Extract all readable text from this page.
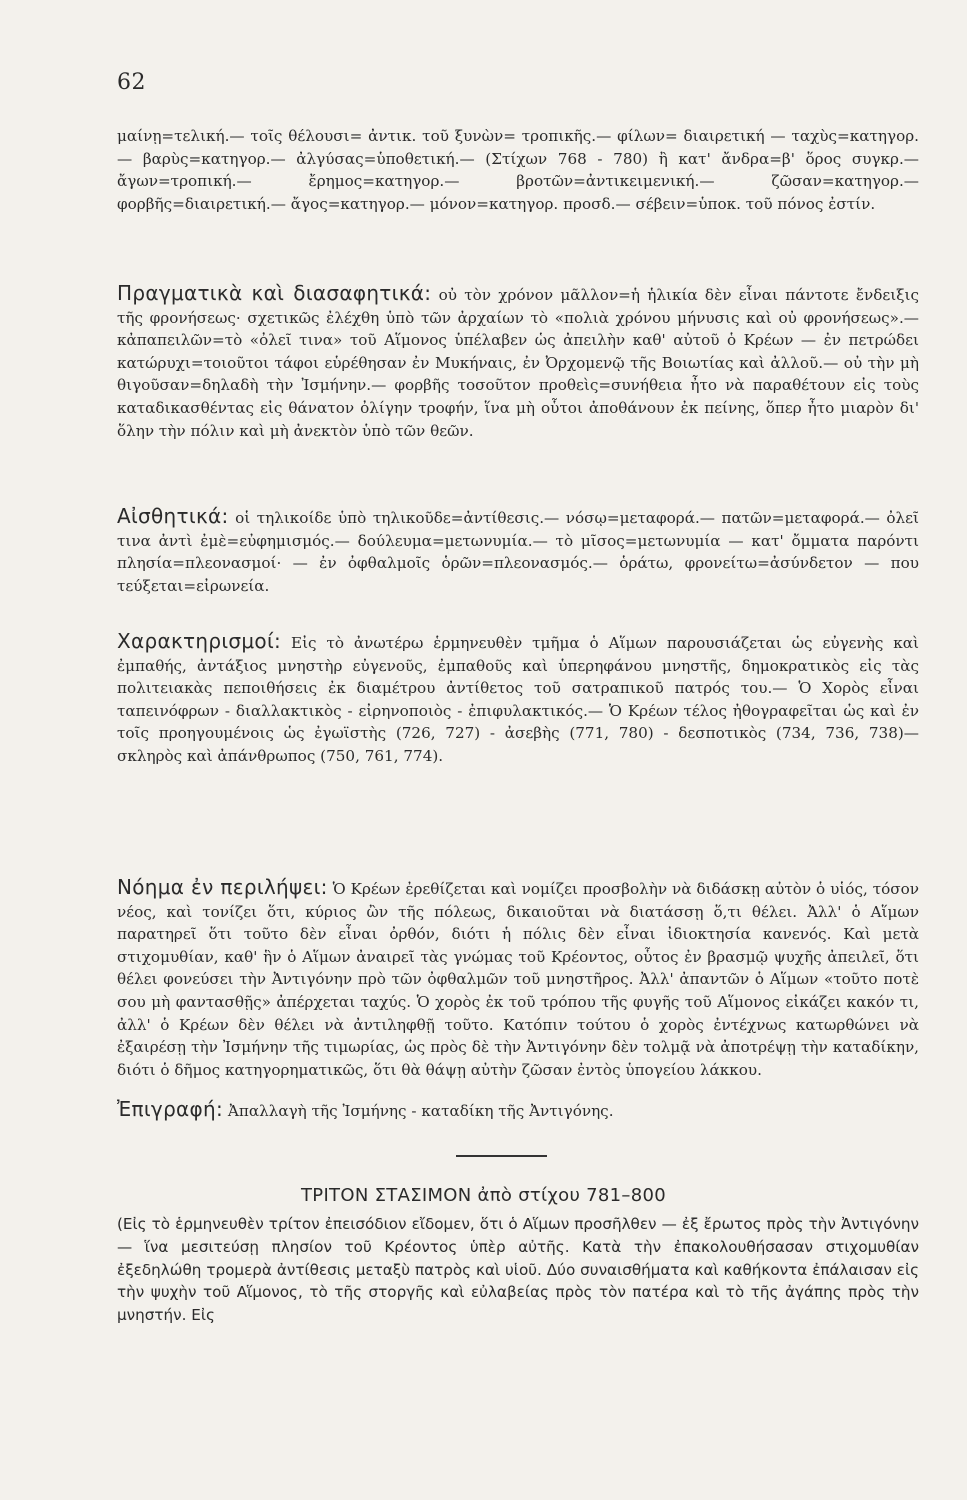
62

μαίνῃ=τελική.— τοῖς θέλουσι= ἀντικ. τοῦ ξυνὼν= τροπικῆς.— φίλων= διαιρετική — ταχὺς=κατηγορ.— βαρὺς=κατηγορ.— ἀλγύσας=ὑποθετική.— (Στίχων 768 - 780) ἢ κατ' ἄνδρα=β' ὅρος συγκρ.— ἄγων=τροπική.— ἔρημος=κατηγορ.— βροτῶν=ἀντικειμενική.— ζῶσαν=κατηγορ.— φορβῆς=διαιρετική.— ἄγος=κατηγορ.— μόνον=κατηγορ. προσδ.— σέβειν=ὑποκ. τοῦ πόνος ἐστίν.

Πραγματικὰ καὶ διασαφητικά: οὐ τὸν χρόνον μᾶλλον=ἡ ἡλικία δὲν εἶναι πάντοτε ἔνδειξις τῆς φρονήσεως· σχετικῶς ἐλέχθη ὑπὸ τῶν ἀρχαίων τὸ «πολιὰ χρόνου μήνυσις καὶ οὐ φρονήσεως».— κἀπαπειλῶν=τὸ «ὀλεῖ τινα» τοῦ Αἵμονος ὑπέλαβεν ὡς ἀπειλὴν καθ' αὐτοῦ ὁ Κρέων — ἐν πετρώδει κατώρυχι=τοιοῦτοι τάφοι εὑρέθησαν ἐν Μυκήναις, ἐν Ὀρχομενῷ τῆς Βοιωτίας καὶ ἀλλοῦ.— οὐ τὴν μὴ θιγοῦσαν=δηλαδὴ τὴν Ἰσμήνην.— φορβῆς τοσοῦτον προθεὶς=συνήθεια ἦτο νὰ παραθέτουν εἰς τοὺς καταδικασθέντας εἰς θάνατον ὀλίγην τροφήν, ἵνα μὴ οὗτοι ἀποθάνουν ἐκ πείνης, ὅπερ ἦτο μιαρὸν δι' ὅλην τὴν πόλιν καὶ μὴ ἀνεκτὸν ὑπὸ τῶν θεῶν.

Αἰσθητικά: οἱ τηλικοίδε ὑπὸ τηλικοῦδε=ἀντίθεσις.— νόσῳ=μεταφορά.— πατῶν=μεταφορά.— ὀλεῖ τινα ἀντὶ ἐμὲ=εὐφημισμός.— δούλευμα=μετωνυμία.— τὸ μῖσος=μετωνυμία — κατ' ὄμματα παρόντι πλησία=πλεονασμοί· — ἐν ὀφθαλμοῖς ὁρῶν=πλεονασμός.— ὁράτω, φρονείτω=ἀσύνδετον — που τεύξεται=εἰρωνεία.

Χαρακτηρισμοί: Εἰς τὸ ἀνωτέρω ἑρμηνευθὲν τμῆμα ὁ Αἵμων παρουσιάζεται ὡς εὐγενὴς καὶ ἐμπαθής, ἀντάξιος μνηστὴρ εὐγενοῦς, ἐμπαθοῦς καὶ ὑπερηφάνου μνηστῆς, δημοκρατικὸς εἰς τὰς πολιτειακὰς πεποιθήσεις ἐκ διαμέτρου ἀντίθετος τοῦ σατραπικοῦ πατρός του.— Ὁ Χορὸς εἶναι ταπεινόφρων - διαλλακτικὸς - εἰρηνοποιὸς - ἐπιφυλακτικός.— Ὁ Κρέων τέλος ἠθογραφεῖται ὡς καὶ ἐν τοῖς προηγουμένοις ὡς ἐγωϊστὴς (726, 727) - ἀσεβὴς (771, 780) - δεσποτικὸς (734, 736, 738)— σκληρὸς καὶ ἀπάνθρωπος (750, 761, 774).

Νόημα ἐν περιλήψει: Ὁ Κρέων ἐρεθίζεται καὶ νομίζει προσβολὴν νὰ διδάσκῃ αὐτὸν ὁ υἱός, τόσον νέος, καὶ τονίζει ὅτι, κύριος ὢν τῆς πόλεως, δικαιοῦται νὰ διατάσσῃ ὅ,τι θέλει. Ἀλλ' ὁ Αἵμων παρατηρεῖ ὅτι τοῦτο δὲν εἶναι ὀρθόν, διότι ἡ πόλις δὲν εἶναι ἰδιοκτησία κανενός. Καὶ μετὰ στιχομυθίαν, καθ' ἣν ὁ Αἵμων ἀναιρεῖ τὰς γνώμας τοῦ Κρέοντος, οὗτος ἐν βρασμῷ ψυχῆς ἀπειλεῖ, ὅτι θέλει φονεύσει τὴν Ἀντιγόνην πρὸ τῶν ὀφθαλμῶν τοῦ μνηστῆρος. Ἀλλ' ἀπαντῶν ὁ Αἵμων «τοῦτο ποτὲ σου μὴ φαντασθῇς» ἀπέρχεται ταχύς. Ὁ χορὸς ἐκ τοῦ τρόπου τῆς φυγῆς τοῦ Αἵμονος εἰκάζει κακόν τι, ἀλλ' ὁ Κρέων δὲν θέλει νὰ ἀντιληφθῇ τοῦτο. Κατόπιν τούτου ὁ χορὸς ἐντέχνως κατωρθώνει νὰ ἐξαιρέσῃ τὴν Ἰσμήνην τῆς τιμωρίας, ὡς πρὸς δὲ τὴν Ἀντιγόνην δὲν τολμᾷ νὰ ἀποτρέψῃ τὴν καταδίκην, διότι ὁ δῆμος κατηγορηματικῶς, ὅτι θὰ θάψῃ αὐτὴν ζῶσαν ἐντὸς ὑπογείου λάκκου.

Ἐπιγραφή: Ἀπαλλαγὴ τῆς Ἰσμήνης - καταδίκη τῆς Ἀντιγόνης.

ΤΡΙΤΟΝ ΣΤΑΣΙΜΟΝ ἀπὸ στίχου 781–800

(Εἰς τὸ ἑρμηνευθὲν τρίτον ἐπεισόδιον εἴδομεν, ὅτι ὁ Αἵμων προσῆλθεν — ἐξ ἔρωτος πρὸς τὴν Ἀντιγόνην — ἵνα μεσιτεύσῃ πλησίον τοῦ Κρέοντος ὑπὲρ αὐτῆς. Κατὰ τὴν ἐπακολουθήσασαν στιχομυθίαν ἐξεδηλώθη τρομερὰ ἀντίθεσις μεταξὺ πατρὸς καὶ υἱοῦ. Δύο συναισθήματα καὶ καθήκοντα ἐπάλαισαν εἰς τὴν ψυχὴν τοῦ Αἵμονος, τὸ τῆς στοργῆς καὶ εὐλαβείας πρὸς τὸν πατέρα καὶ τὸ τῆς ἀγάπης πρὸς τὴν μνηστήν. Εἰς
